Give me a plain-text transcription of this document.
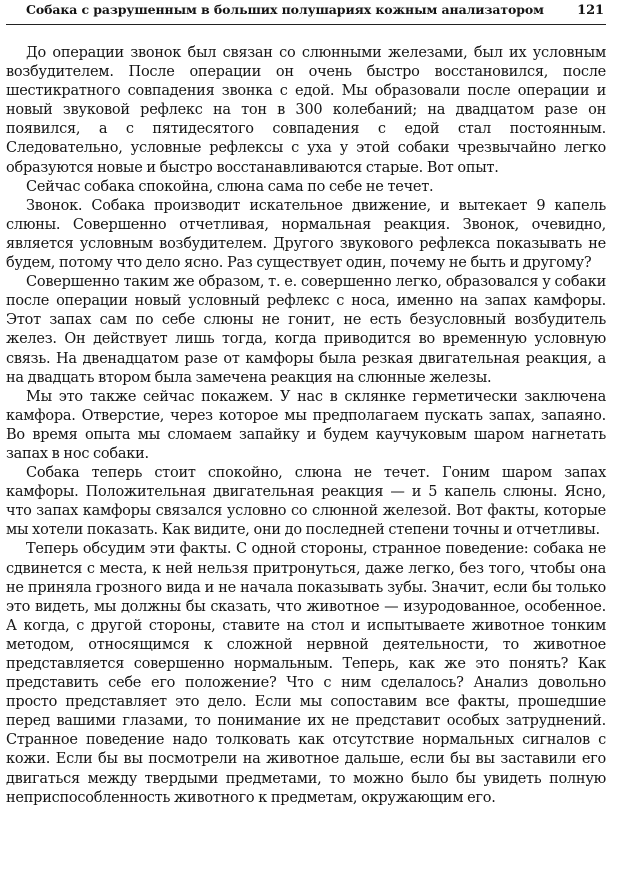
Собака с разрушенным в больших полушариях кожным анализатором	121

До операции звонок был связан со слюнными железами, был их условным возбудителем. После операции он очень быстро восстановился, после шестикратного совпадения звонка с едой. Мы образовали после операции и новый звуковой рефлекс на тон в 300 колебаний; на двадцатом разе он появился, а с пятидесятого совпадения с едой стал постоянным. Следовательно, условные рефлексы с уха у этой собаки чрезвычайно легко образуются новые и быстро восстанавливаются старые. Вот опыт.

Сейчас собака спокойна, слюна сама по себе не течет.

Звонок. Собака производит искательное движение, и вытекает 9 капель слюны. Совершенно отчетливая, нормальная реакция. Звонок, очевидно, является условным возбудителем. Другого звукового рефлекса показывать не будем, потому что дело ясно. Раз существует один, почему не быть и другому?

Совершенно таким же образом, т. е. совершенно легко, образовался у собаки после операции новый условный рефлекс с носа, именно на запах камфоры. Этот запах сам по себе слюны не гонит, не есть безусловный возбудитель желез. Он действует лишь тогда, когда приводится во временную условную связь. На двенадцатом разе от камфоры была резкая двигательная реакция, а на двадцать втором была замечена реакция на слюнные железы.

Мы это также сейчас покажем. У нас в склянке герметически заключена камфора. Отверстие, через которое мы предполагаем пускать запах, запаяно. Во время опыта мы сломаем запайку и будем каучуковым шаром нагнетать запах в нос собаки.

Собака теперь стоит спокойно, слюна не течет. Гоним шаром запах камфоры. Положительная двигательная реакция — и 5 капель слюны. Ясно, что запах камфоры связался условно со слюнной железой. Вот факты, которые мы хотели показать. Как видите, они до последней степени точны и отчетливы.

Теперь обсудим эти факты. С одной стороны, странное поведение: собака не сдвинется с места, к ней нельзя притронуться, даже легко, без того, чтобы она не приняла грозного вида и не начала показывать зубы. Значит, если бы только это видеть, мы должны бы сказать, что животное — изуродованное, особенное. А когда, с другой стороны, ставите на стол и испытываете животное тонким методом, относящимся к сложной нервной деятельности, то животное представляется совершенно нормальным. Теперь, как же это понять? Как представить себе его положение? Что с ним сделалось? Анализ довольно просто представляет это дело. Если мы сопоставим все факты, прошедшие перед вашими глазами, то понимание их не представит особых затруднений. Странное поведение надо толковать как отсутствие нормальных сигналов с кожи. Если бы вы посмотрели на животное дальше, если бы вы заставили его двигаться между твердыми предметами, то можно было бы увидеть полную неприспособленность животного к предметам, окружающим его.
